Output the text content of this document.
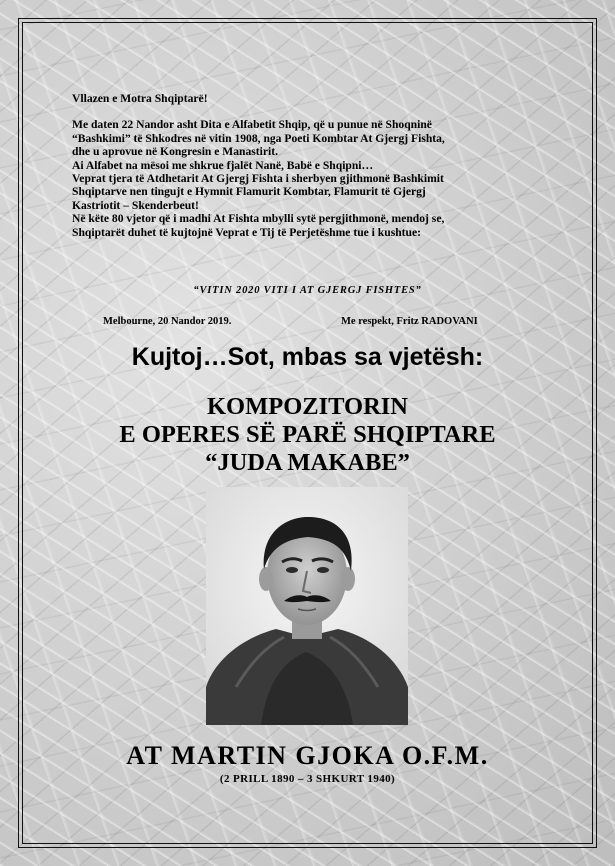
Vllazen e Motra Shqiptarë!

Me daten 22 Nandor asht Dita e Alfabetit Shqip, që u punue në Shoqninë

“Bashkimi” të Shkodres në vitin 1908, nga Poeti Kombtar At Gjergj Fishta,

dhe u aprovue në Kongresin e Manastirit.

Ai Alfabet na mësoi me shkrue fjalët Nanë, Babë e Shqipni…

Veprat tjera të Atdhetarit At Gjergj Fishta i sherbyen gjithmonë Bashkimit

Shqiptarve nen tingujt e Hymnit Flamurit Kombtar, Flamurit të Gjergj

Kastriotit – Skenderbeut!

Në këte 80 vjetor që i madhi At Fishta mbylli sytë pergjithmonë, mendoj se,

Shqiptarët duhet të kujtojnë Veprat e Tij të Perjetëshme tue i kushtue:

“VITIN 2020 VITI I AT GJERGJ FISHTES”
Melbourne, 20 Nandor 2019.	Me respekt, Fritz RADOVANI
Kujtoj…Sot, mbas sa vjetësh:
KOMPOZITORIN
E OPERES SË PARË SHQIPTARE
“JUDA MAKABE”
AT MARTIN GJOKA O.F.M.
(2 PRILL 1890 – 3 SHKURT 1940)
